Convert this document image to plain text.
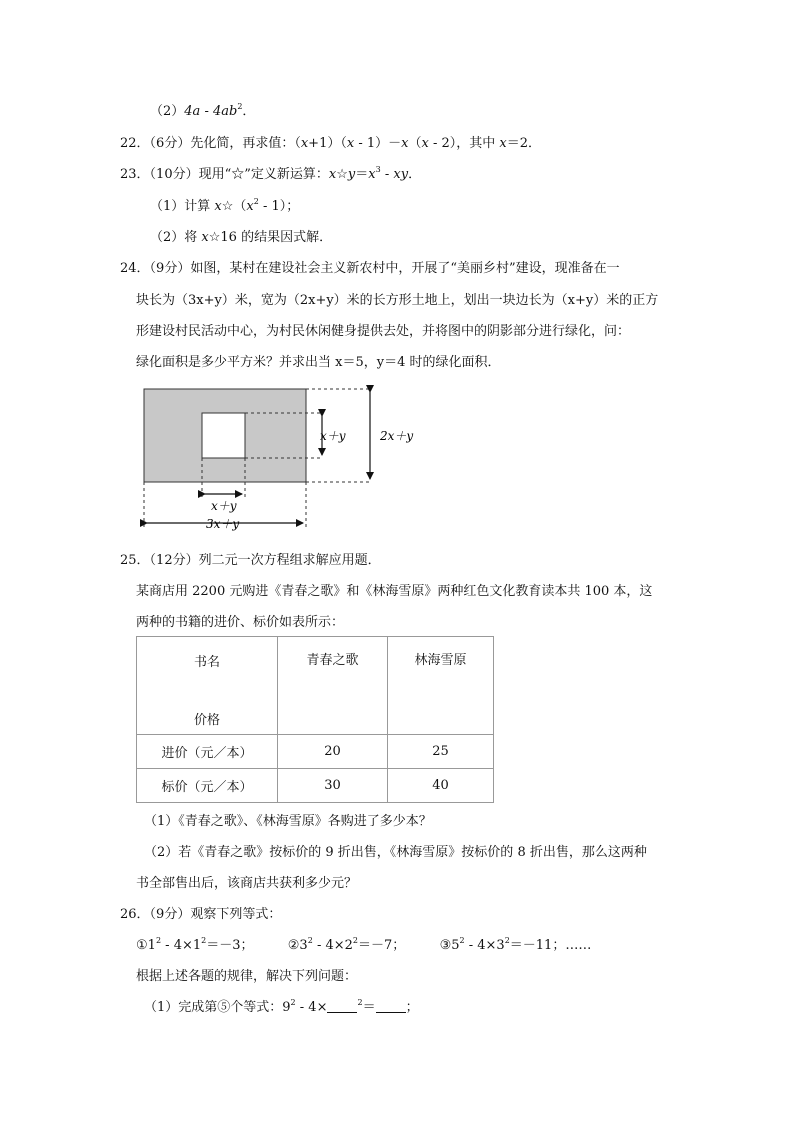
$(2)4a - 4ab^2$．
22．（6分）先化简，再求值：（x+1）（x - 1）－x（x - 2），其中 x＝2．
23．（10分）现用“☆”定义新运算：$x☆y=x^3$ - xy．
（1）计算 $x☆(x^2 - 1)$；
（2）将 x☆16 的结果因式解．
24．（9分）如图，某村在建设社会主义新农村中，开展了“美丽乡村”建设，现准备在一
块长为（3x+y）米，宽为（2x+y）米的长方形土地上，划出一块边长为（x+y）米的正方
形建设村民活动中心，为村民休闲健身提供去处，并将图中的阴影部分进行绿化，问：
绿化面积是多少平方米？并求出当 x＝5，y＝4 时的绿化面积．
x＋y	2x＋y
x＋y
3x＋y
25．（12分）列二元一次方程组求解应用题．
某商店用 2200 元购进《青春之歌》和《林海雪原》两种红色文化教育读本共 100 本，这
两种的书籍的进价、标价如表所示：
书名
价格	青春之歌	林海雪原

进价（元／本）	20	25
标价（元／本）	30	40
（1）《青春之歌》、《林海雪原》各购进了多少本？
（2）若《青春之歌》按标价的 9 折出售，《林海雪原》按标价的 8 折出售，那么这两种
书全部售出后，该商店共获利多少元？
26．（9分）观察下列等式：
$①1^2 - 4\times 1^2=-3$；	$②3^2 - 4\times 2^2=-7$；	$③5^2 - 4\times 3^2=-11$；……
根据上述各题的规律，解决下列问题：
（1）完成第⑤个等式：$9^2 - 4\times$	$^2$＝ ；
